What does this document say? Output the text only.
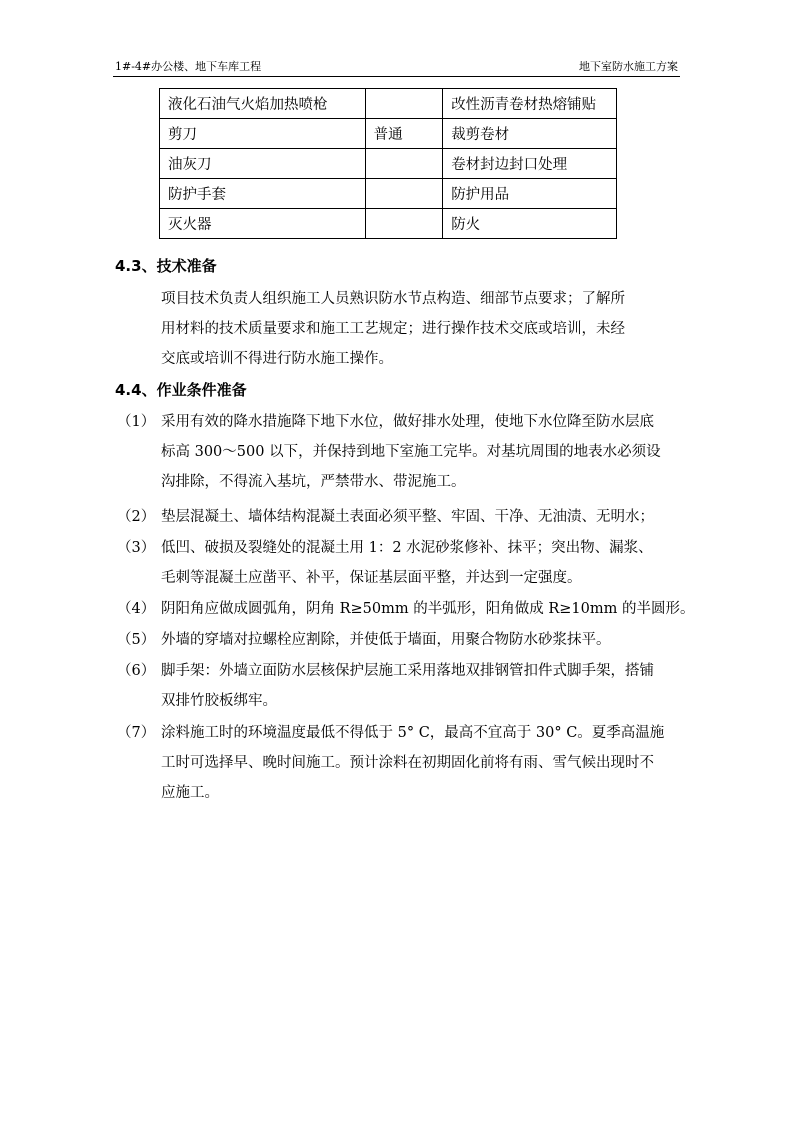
1#-4#办公楼、地下车库工程	地下室防水施工方案
液化石油气火焰加热喷枪		改性沥青卷材热熔铺贴
剪刀	普通	裁剪卷材
油灰刀		卷材封边封口处理
防护手套		防护用品
灭火器		防火
4.3、技术准备
项目技术负责人组织施工人员熟识防水节点构造、细部节点要求；了解所
用材料的技术质量要求和施工工艺规定；进行操作技术交底或培训，未经
交底或培训不得进行防水施工操作。
4.4、作业条件准备
（1） 采用有效的降水措施降下地下水位，做好排水处理，使地下水位降至防水层底
标高 300～500 以下，并保持到地下室施工完毕。对基坑周围的地表水必须设
沟排除，不得流入基坑，严禁带水、带泥施工。
（2） 垫层混凝土、墙体结构混凝土表面必须平整、牢固、干净、无油渍、无明水；
（3） 低凹、破损及裂缝处的混凝土用 1：2 水泥砂浆修补、抹平；突出物、漏浆、
毛刺等混凝土应凿平、补平，保证基层面平整，并达到一定强度。
（4） 阴阳角应做成圆弧角，阴角 R≥50mm 的半弧形，阳角做成 R≥10mm 的半圆形。
（5） 外墙的穿墙对拉螺栓应割除，并使低于墙面，用聚合物防水砂浆抹平。
（6） 脚手架：外墙立面防水层核保护层施工采用落地双排钢管扣件式脚手架，搭铺
双排竹胶板绑牢。
（7） 涂料施工时的环境温度最低不得低于 5° C，最高不宜高于 30° C。夏季高温施
工时可选择早、晚时间施工。预计涂料在初期固化前将有雨、雪气候出现时不
应施工。
